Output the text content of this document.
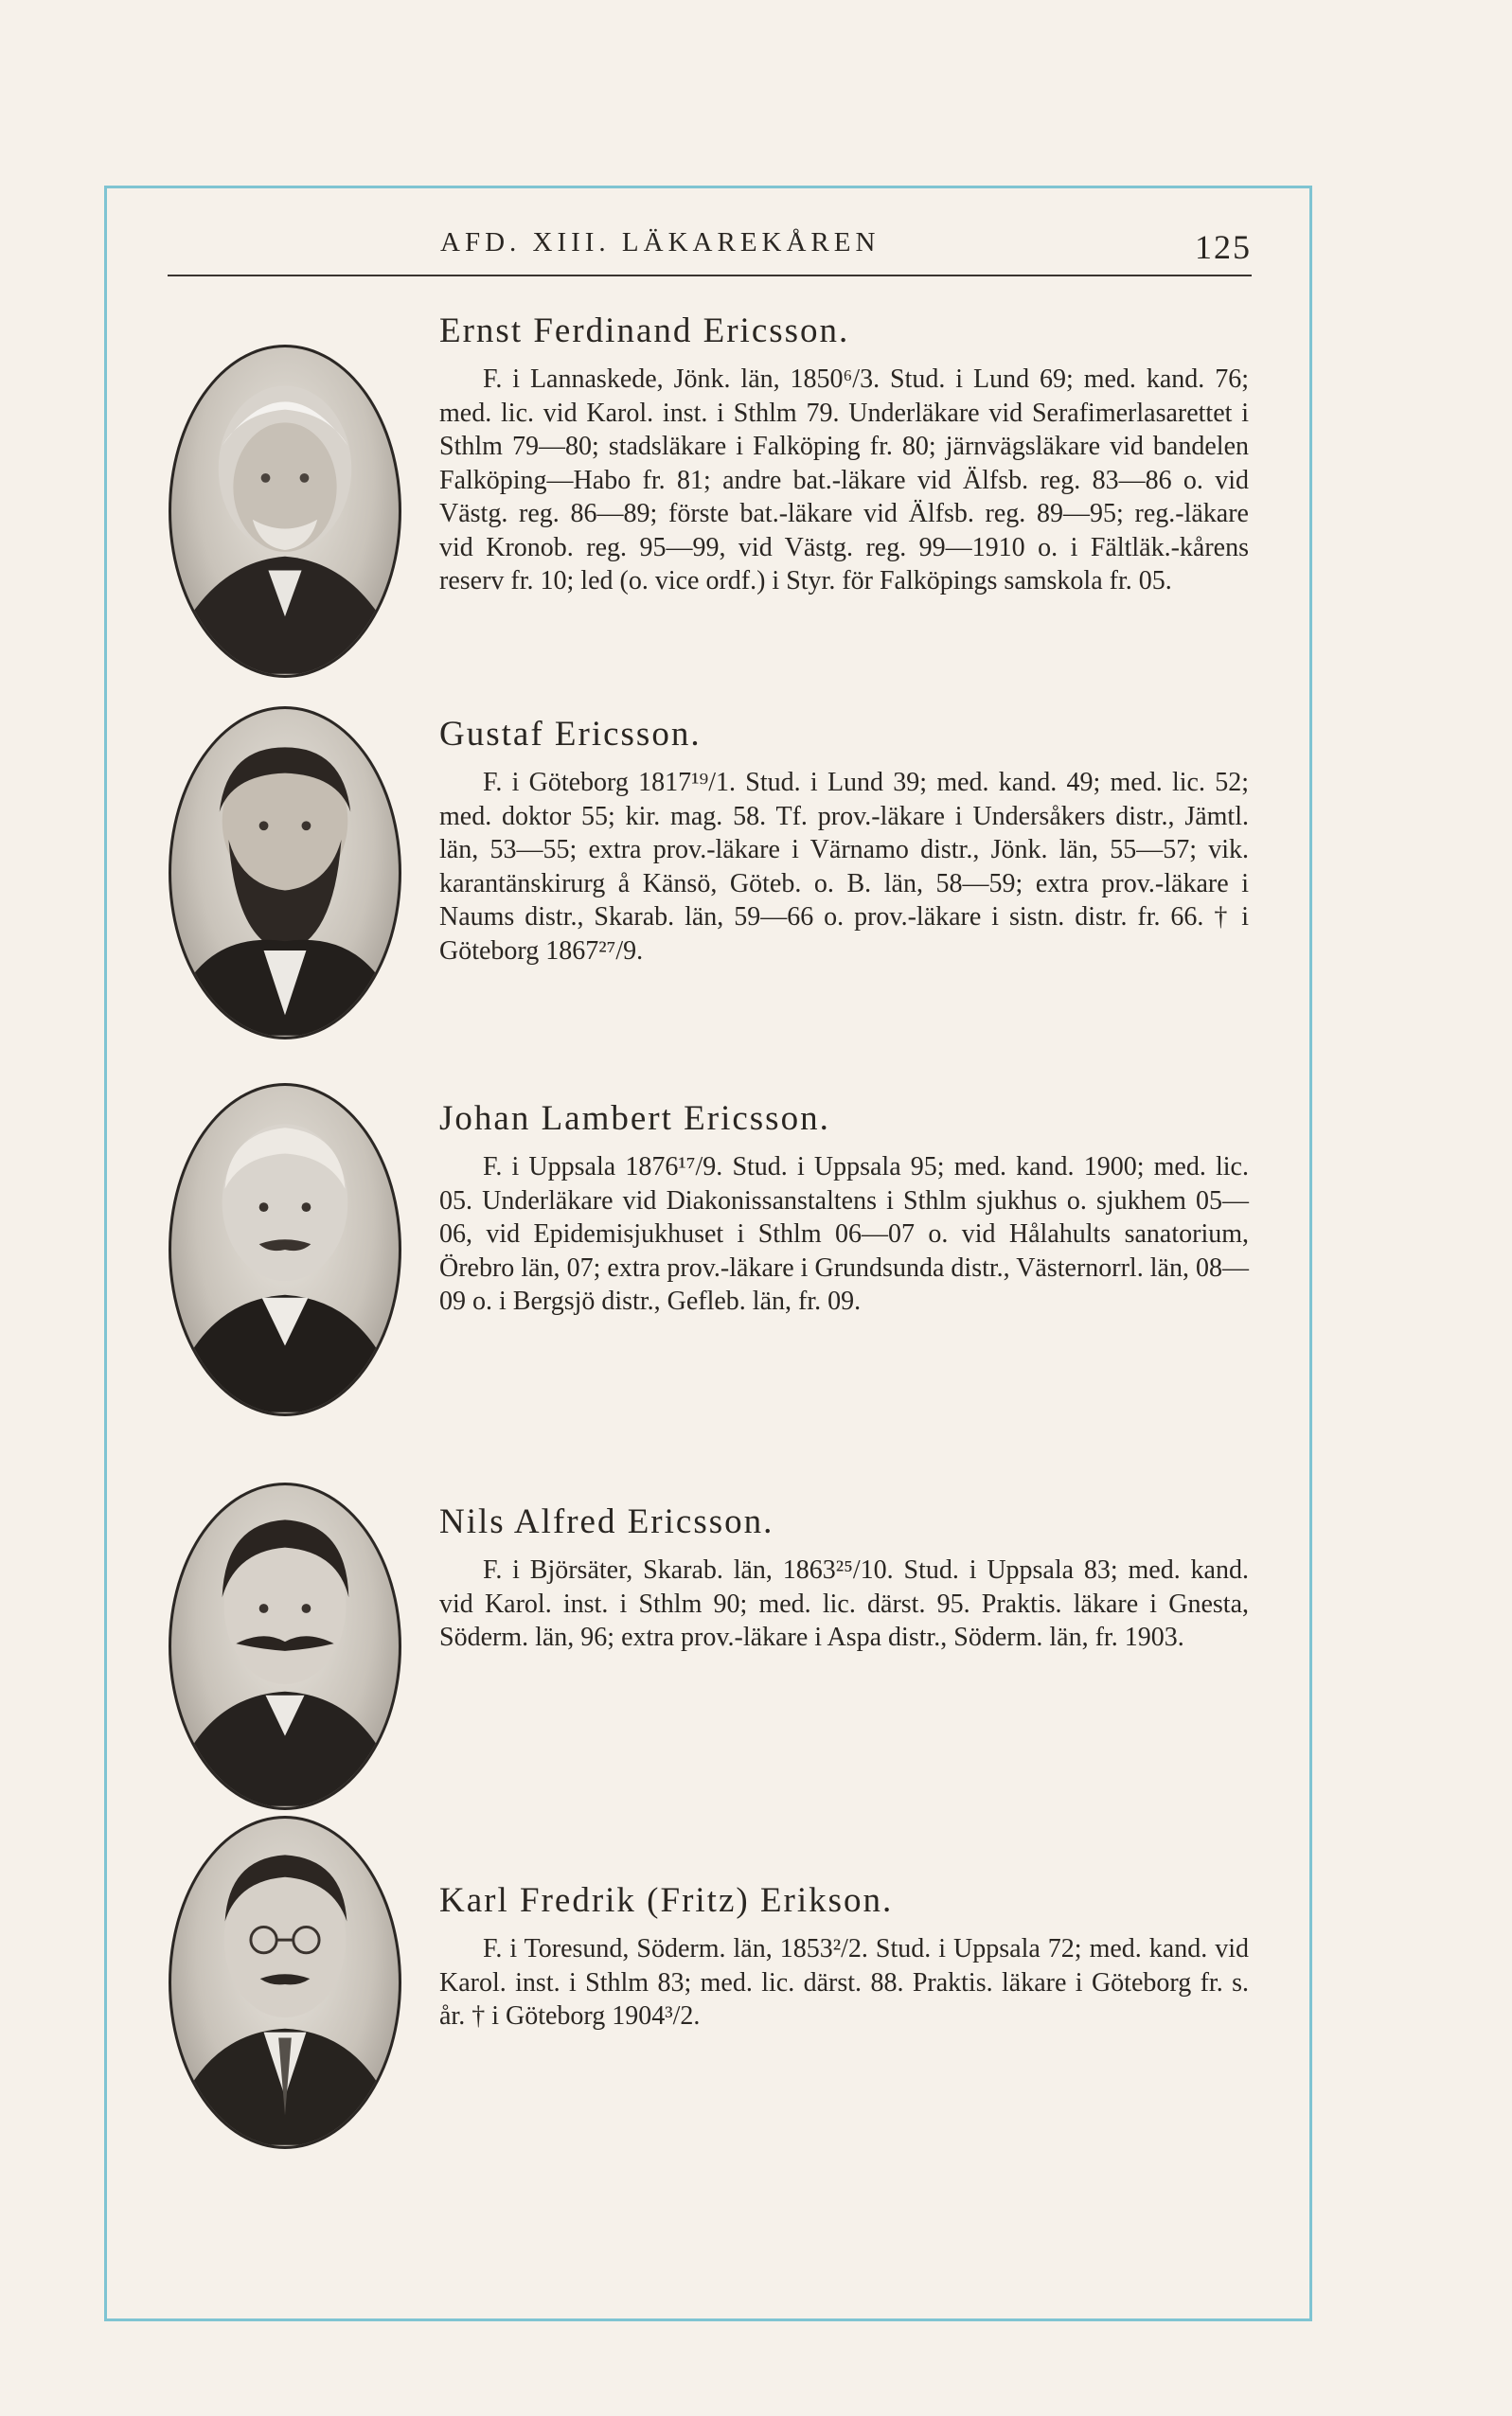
AFD. XIII. LÄKAREKÅREN	125
Ernst Ferdinand Ericsson.

F. i Lannaskede, Jönk. län, 1850⁶/3. Stud. i Lund 69; med. kand. 76; med. lic. vid Karol. inst. i Sthlm 79. Underläkare vid Serafimerlasarettet i Sthlm 79—80; stadsläkare i Falköping fr. 80; järnvägsläkare vid bandelen Falköping—Habo fr. 81; andre bat.-läkare vid Älfsb. reg. 83—86 o. vid Västg. reg. 86—89; förste bat.-läkare vid Älfsb. reg. 89—95; reg.-läkare vid Kronob. reg. 95—99, vid Västg. reg. 99—1910 o. i Fältläk.-kårens reserv fr. 10; led (o. vice ordf.) i Styr. för Falköpings samskola fr. 05.

Gustaf Ericsson.

F. i Göteborg 1817¹⁹/1. Stud. i Lund 39; med. kand. 49; med. lic. 52; med. doktor 55; kir. mag. 58. Tf. prov.-läkare i Undersåkers distr., Jämtl. län, 53—55; extra prov.-läkare i Värnamo distr., Jönk. län, 55—57; vik. karantänskirurg å Känsö, Göteb. o. B. län, 58—59; extra prov.-läkare i Naums distr., Skarab. län, 59—66 o. prov.-läkare i sistn. distr. fr. 66. † i Göteborg 1867²⁷/9.

Johan Lambert Ericsson.

F. i Uppsala 1876¹⁷/9. Stud. i Uppsala 95; med. kand. 1900; med. lic. 05. Underläkare vid Diakonissanstaltens i Sthlm sjukhus o. sjukhem 05—06, vid Epidemisjukhuset i Sthlm 06—07 o. vid Hålahults sanatorium, Örebro län, 07; extra prov.-läkare i Grundsunda distr., Västernorrl. län, 08—09 o. i Bergsjö distr., Gefleb. län, fr. 09.

Nils Alfred Ericsson.

F. i Björsäter, Skarab. län, 1863²⁵/10. Stud. i Uppsala 83; med. kand. vid Karol. inst. i Sthlm 90; med. lic. därst. 95. Praktis. läkare i Gnesta, Söderm. län, 96; extra prov.-läkare i Aspa distr., Söderm. län, fr. 1903.

Karl Fredrik (Fritz) Erikson.

F. i Toresund, Söderm. län, 1853²/2. Stud. i Uppsala 72; med. kand. vid Karol. inst. i Sthlm 83; med. lic. därst. 88. Praktis. läkare i Göteborg fr. s. år. † i Göteborg 1904³/2.
